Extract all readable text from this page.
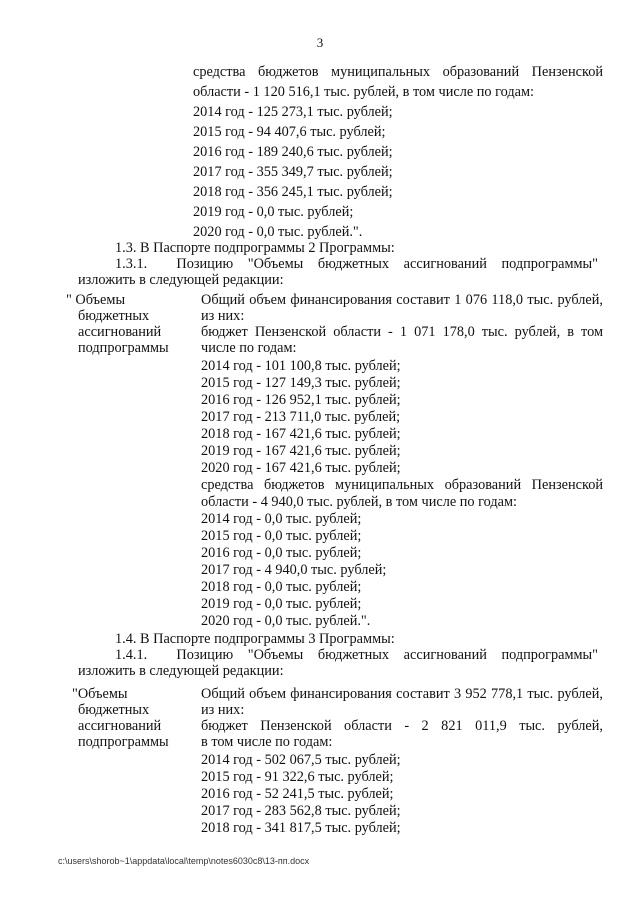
3
средства бюджетов муниципальных образований Пензенской
области - 1 120 516,1 тыс. рублей, в том числе по годам:
2014 год - 125 273,1 тыс. рублей;
2015 год - 94 407,6 тыс. рублей;
2016 год - 189 240,6 тыс. рублей;
2017 год - 355 349,7 тыс. рублей;
2018 год - 356 245,1 тыс. рублей;
2019 год - 0,0 тыс. рублей;
2020 год - 0,0 тыс. рублей.".
1.3. В Паспорте подпрограммы 2 Программы:
1.3.1.  Позицию "Объемы бюджетных ассигнований подпрограммы"
изложить в следующей редакции:
" Объемы
бюджетных
ассигнований
подпрограммы
Общий объем финансирования составит 1 076 118,0 тыс. рублей,
из них:
бюджет Пензенской области - 1 071 178,0 тыс. рублей, в том
числе по годам:
2014 год - 101 100,8 тыс. рублей;
2015 год - 127 149,3 тыс. рублей;
2016 год - 126 952,1 тыс. рублей;
2017 год - 213 711,0 тыс. рублей;
2018 год - 167 421,6 тыс. рублей;
2019 год - 167 421,6 тыс. рублей;
2020 год - 167 421,6 тыс. рублей;
средства бюджетов муниципальных образований Пензенской
области - 4 940,0 тыс. рублей, в том числе по годам:
2014 год - 0,0 тыс. рублей;
2015 год - 0,0 тыс. рублей;
2016 год - 0,0 тыс. рублей;
2017 год - 4 940,0 тыс. рублей;
2018 год - 0,0 тыс. рублей;
2019 год - 0,0 тыс. рублей;
2020 год - 0,0 тыс. рублей.".
1.4. В Паспорте подпрограммы 3 Программы:
1.4.1.  Позицию "Объемы бюджетных ассигнований подпрограммы"
изложить в следующей редакции:
"Объемы
бюджетных
ассигнований
подпрограммы
Общий объем финансирования составит 3 952 778,1 тыс. рублей,
из них:
бюджет Пензенской области - 2 821 011,9 тыс. рублей,
в том числе по годам:
2014 год - 502 067,5 тыс. рублей;
2015 год - 91 322,6 тыс. рублей;
2016 год - 52 241,5 тыс. рублей;
2017 год - 283 562,8 тыс. рублей;
2018 год - 341 817,5 тыс. рублей;
c:\users\shorob~1\appdata\local\temp\notes6030c8\13-пп.docx
